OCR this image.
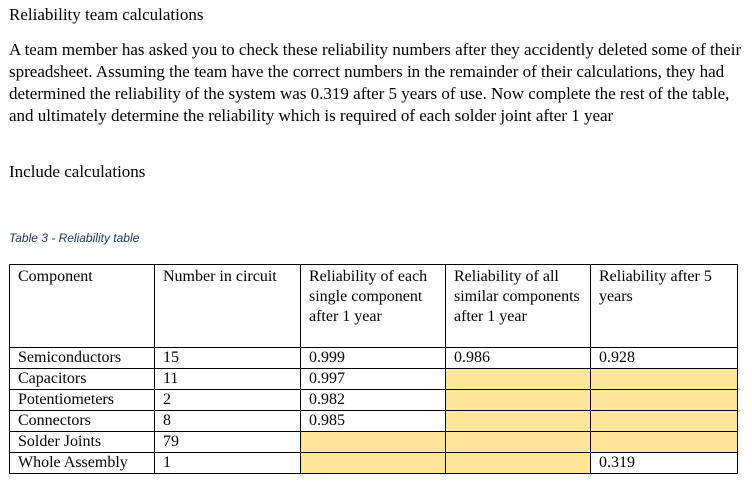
Reliability team calculations

A team member has asked you to check these reliability numbers after they accidently deleted some of their spreadsheet. Assuming the team have the correct numbers in the remainder of their calculations, they had determined the reliability of the system was 0.319 after 5 years of use. Now complete the rest of the table, and ultimately determine the reliability which is required of each solder joint after 1 year

Include calculations

Table 3 - Reliability table

Component	Number in circuit	Reliability of each single component after 1 year	Reliability of all similar components after 1 year	Reliability after 5 years
Semiconductors	15	0.999	0.986	0.928
Capacitors	11	0.997		
Potentiometers	2	0.982		
Connectors	8	0.985		
Solder Joints	79			
Whole Assembly	1			0.319
